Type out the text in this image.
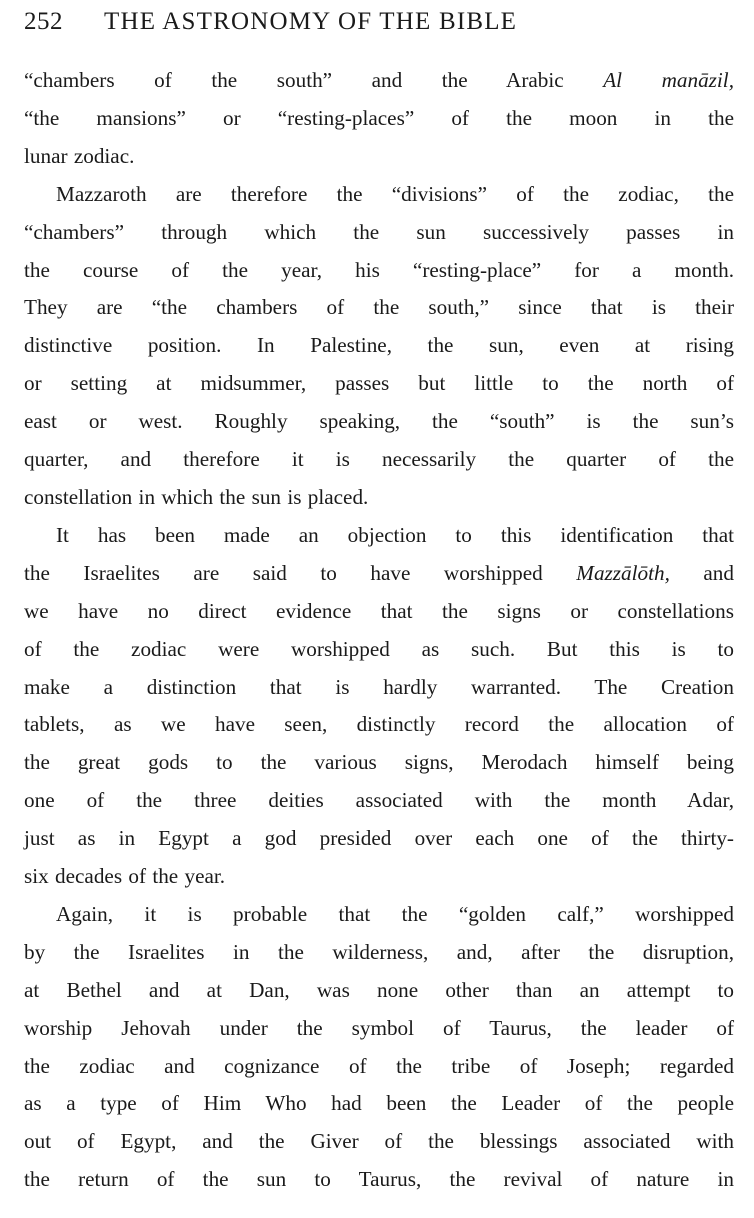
252	THE ASTRONOMY OF THE BIBLE
“chambers of the south” and the Arabic Al manāzil,
“the mansions” or “resting-places” of the moon in the
lunar zodiac.
Mazzaroth are therefore the “divisions” of the zodiac, the
“chambers” through which the sun successively passes in
the course of the year, his “resting-place” for a month.
They are “the chambers of the south,” since that is their
distinctive position. In Palestine, the sun, even at rising
or setting at midsummer, passes but little to the north of
east or west. Roughly speaking, the “south” is the sun’s
quarter, and therefore it is necessarily the quarter of the
constellation in which the sun is placed.
It has been made an objection to this identification that
the Israelites are said to have worshipped Mazzālōth, and
we have no direct evidence that the signs or constellations
of the zodiac were worshipped as such. But this is to
make a distinction that is hardly warranted. The Creation
tablets, as we have seen, distinctly record the allocation of
the great gods to the various signs, Merodach himself being
one of the three deities associated with the month Adar,
just as in Egypt a god presided over each one of the thirty-
six decades of the year.
Again, it is probable that the “golden calf,” worshipped
by the Israelites in the wilderness, and, after the disruption,
at Bethel and at Dan, was none other than an attempt to
worship Jehovah under the symbol of Taurus, the leader of
the zodiac and cognizance of the tribe of Joseph; regarded
as a type of Him Who had been the Leader of the people
out of Egypt, and the Giver of the blessings associated with
the return of the sun to Taurus, the revival of nature in
